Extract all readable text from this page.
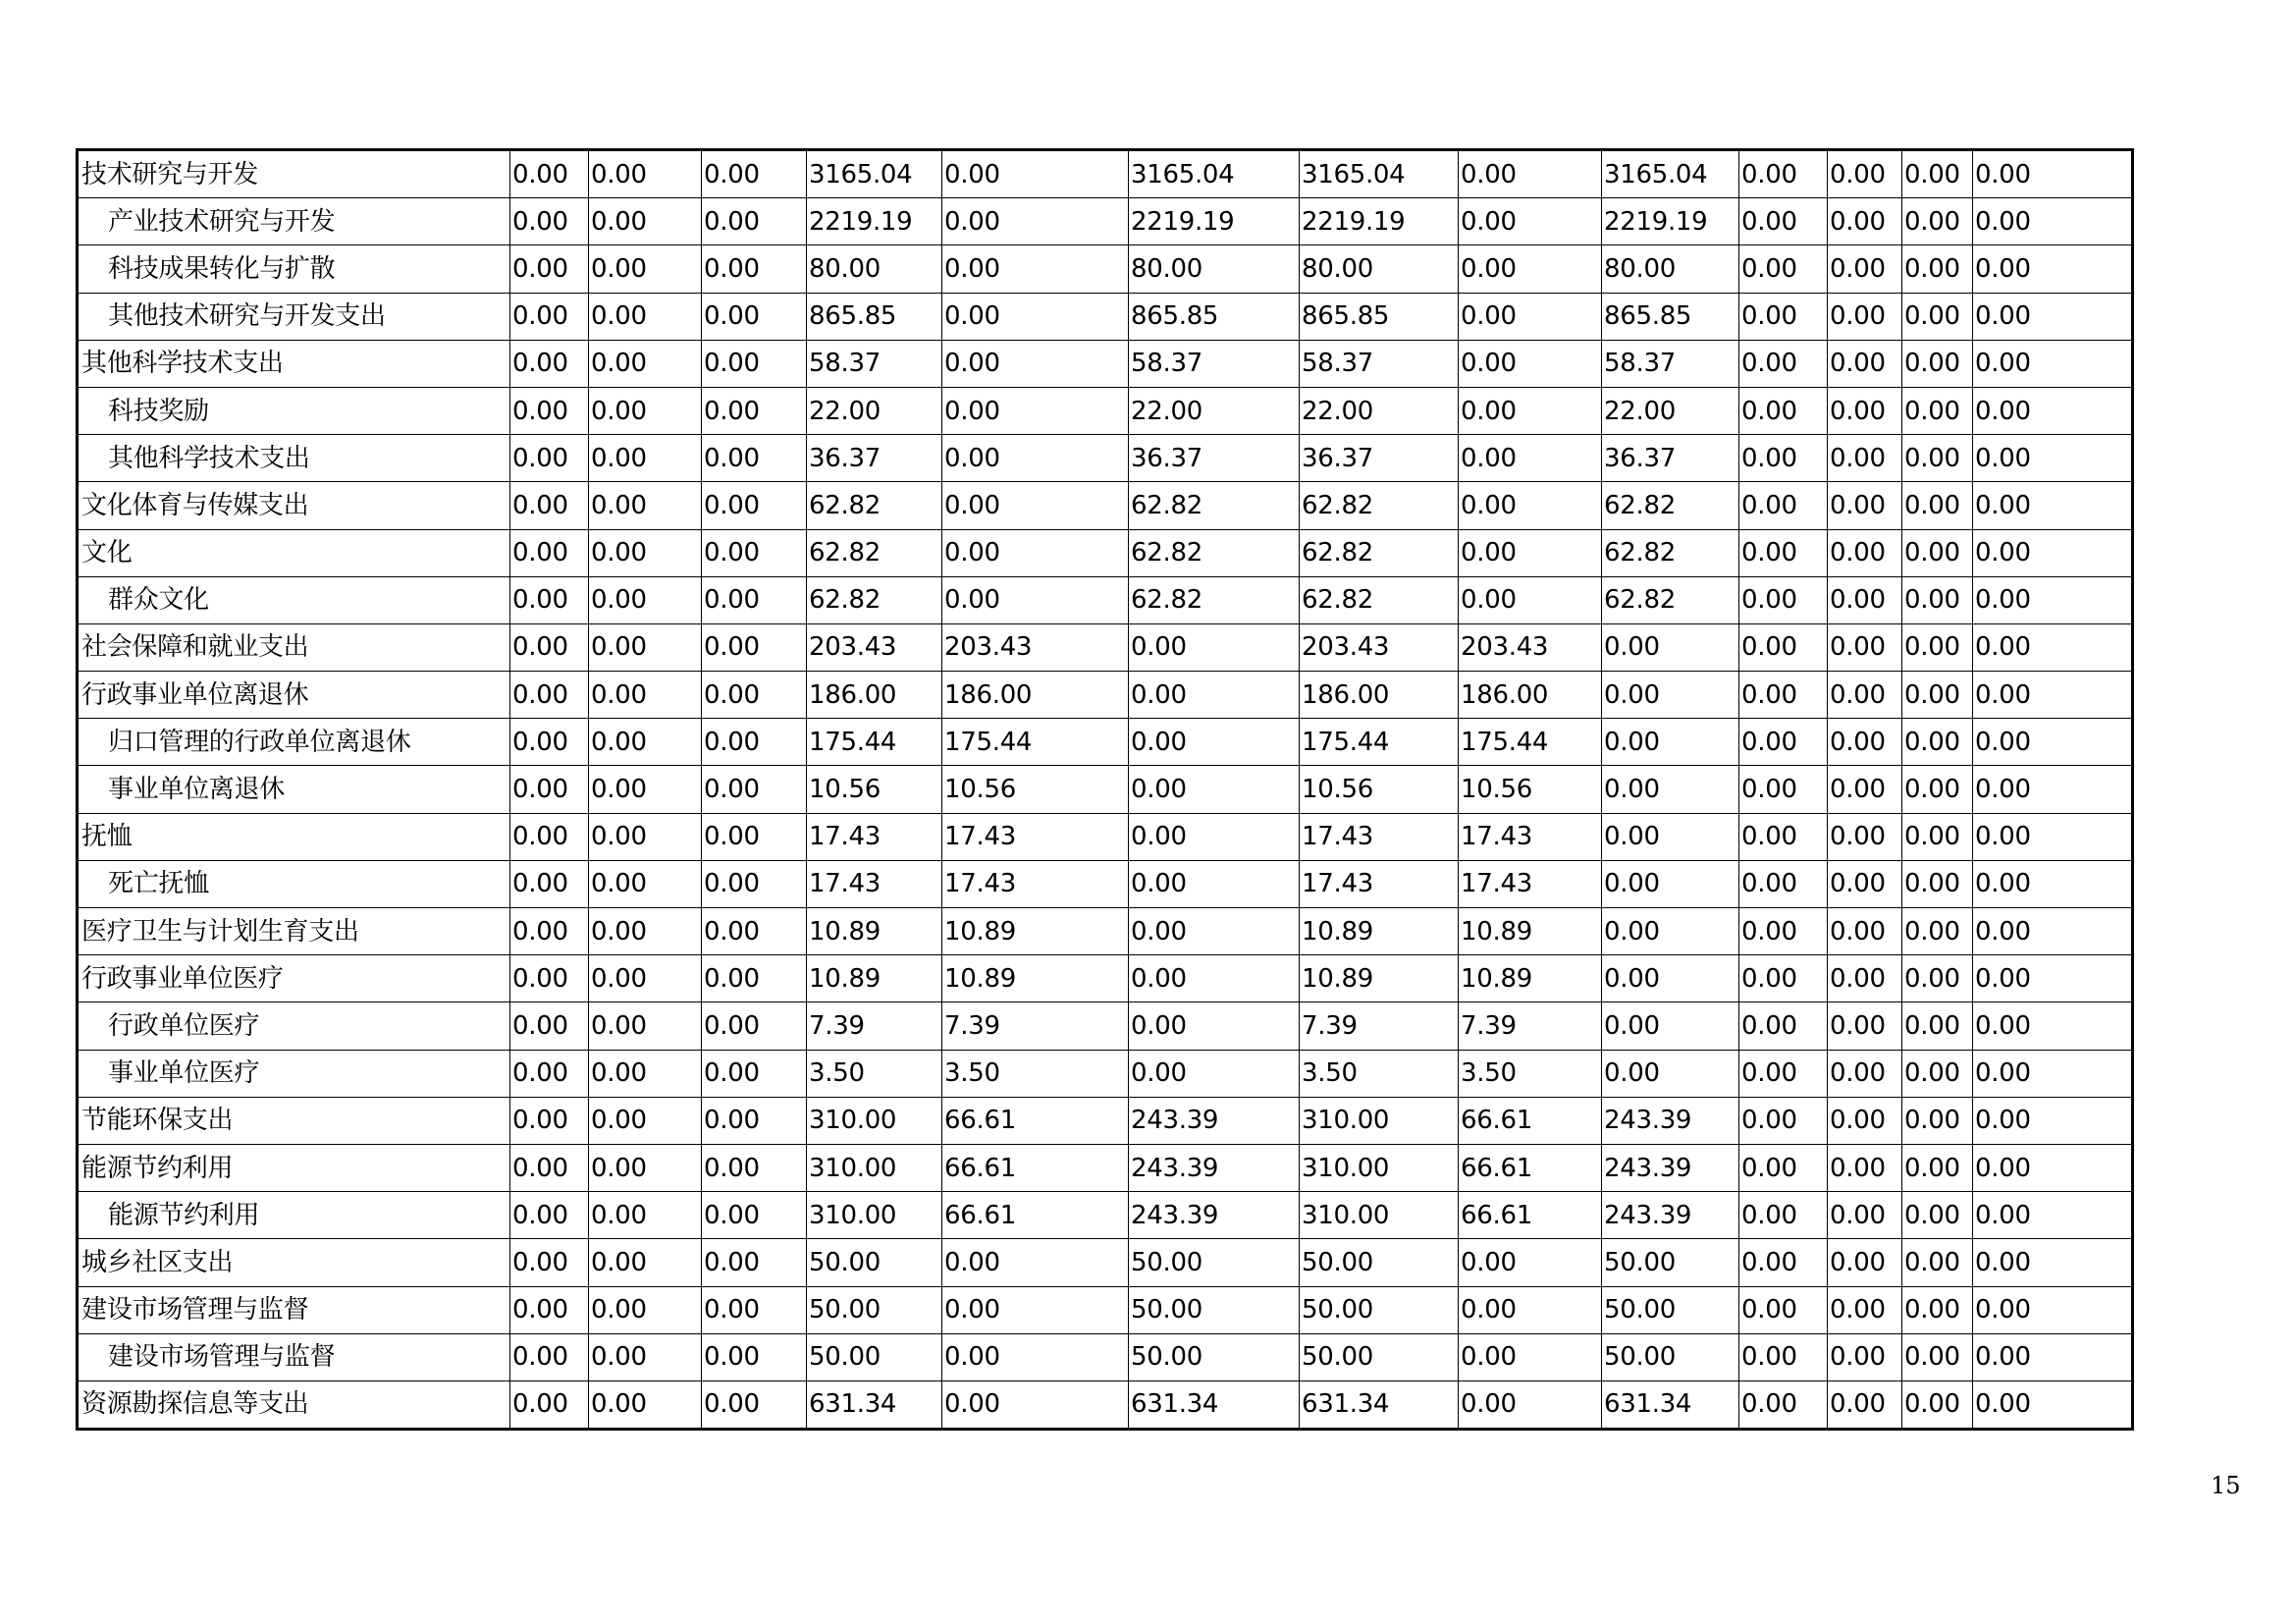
技术研究与开发	0.00	0.00	0.00	3165.04	0.00	3165.04	3165.04	0.00	3165.04	0.00	0.00	0.00	0.00
产业技术研究与开发	0.00	0.00	0.00	2219.19	0.00	2219.19	2219.19	0.00	2219.19	0.00	0.00	0.00	0.00
科技成果转化与扩散	0.00	0.00	0.00	80.00	0.00	80.00	80.00	0.00	80.00	0.00	0.00	0.00	0.00
其他技术研究与开发支出	0.00	0.00	0.00	865.85	0.00	865.85	865.85	0.00	865.85	0.00	0.00	0.00	0.00
其他科学技术支出	0.00	0.00	0.00	58.37	0.00	58.37	58.37	0.00	58.37	0.00	0.00	0.00	0.00
科技奖励	0.00	0.00	0.00	22.00	0.00	22.00	22.00	0.00	22.00	0.00	0.00	0.00	0.00
其他科学技术支出	0.00	0.00	0.00	36.37	0.00	36.37	36.37	0.00	36.37	0.00	0.00	0.00	0.00
文化体育与传媒支出	0.00	0.00	0.00	62.82	0.00	62.82	62.82	0.00	62.82	0.00	0.00	0.00	0.00
文化	0.00	0.00	0.00	62.82	0.00	62.82	62.82	0.00	62.82	0.00	0.00	0.00	0.00
群众文化	0.00	0.00	0.00	62.82	0.00	62.82	62.82	0.00	62.82	0.00	0.00	0.00	0.00
社会保障和就业支出	0.00	0.00	0.00	203.43	203.43	0.00	203.43	203.43	0.00	0.00	0.00	0.00	0.00
行政事业单位离退休	0.00	0.00	0.00	186.00	186.00	0.00	186.00	186.00	0.00	0.00	0.00	0.00	0.00
归口管理的行政单位离退休	0.00	0.00	0.00	175.44	175.44	0.00	175.44	175.44	0.00	0.00	0.00	0.00	0.00
事业单位离退休	0.00	0.00	0.00	10.56	10.56	0.00	10.56	10.56	0.00	0.00	0.00	0.00	0.00
抚恤	0.00	0.00	0.00	17.43	17.43	0.00	17.43	17.43	0.00	0.00	0.00	0.00	0.00
死亡抚恤	0.00	0.00	0.00	17.43	17.43	0.00	17.43	17.43	0.00	0.00	0.00	0.00	0.00
医疗卫生与计划生育支出	0.00	0.00	0.00	10.89	10.89	0.00	10.89	10.89	0.00	0.00	0.00	0.00	0.00
行政事业单位医疗	0.00	0.00	0.00	10.89	10.89	0.00	10.89	10.89	0.00	0.00	0.00	0.00	0.00
行政单位医疗	0.00	0.00	0.00	7.39	7.39	0.00	7.39	7.39	0.00	0.00	0.00	0.00	0.00
事业单位医疗	0.00	0.00	0.00	3.50	3.50	0.00	3.50	3.50	0.00	0.00	0.00	0.00	0.00
节能环保支出	0.00	0.00	0.00	310.00	66.61	243.39	310.00	66.61	243.39	0.00	0.00	0.00	0.00
能源节约利用	0.00	0.00	0.00	310.00	66.61	243.39	310.00	66.61	243.39	0.00	0.00	0.00	0.00
能源节约利用	0.00	0.00	0.00	310.00	66.61	243.39	310.00	66.61	243.39	0.00	0.00	0.00	0.00
城乡社区支出	0.00	0.00	0.00	50.00	0.00	50.00	50.00	0.00	50.00	0.00	0.00	0.00	0.00
建设市场管理与监督	0.00	0.00	0.00	50.00	0.00	50.00	50.00	0.00	50.00	0.00	0.00	0.00	0.00
建设市场管理与监督	0.00	0.00	0.00	50.00	0.00	50.00	50.00	0.00	50.00	0.00	0.00	0.00	0.00
资源勘探信息等支出	0.00	0.00	0.00	631.34	0.00	631.34	631.34	0.00	631.34	0.00	0.00	0.00	0.00
15
